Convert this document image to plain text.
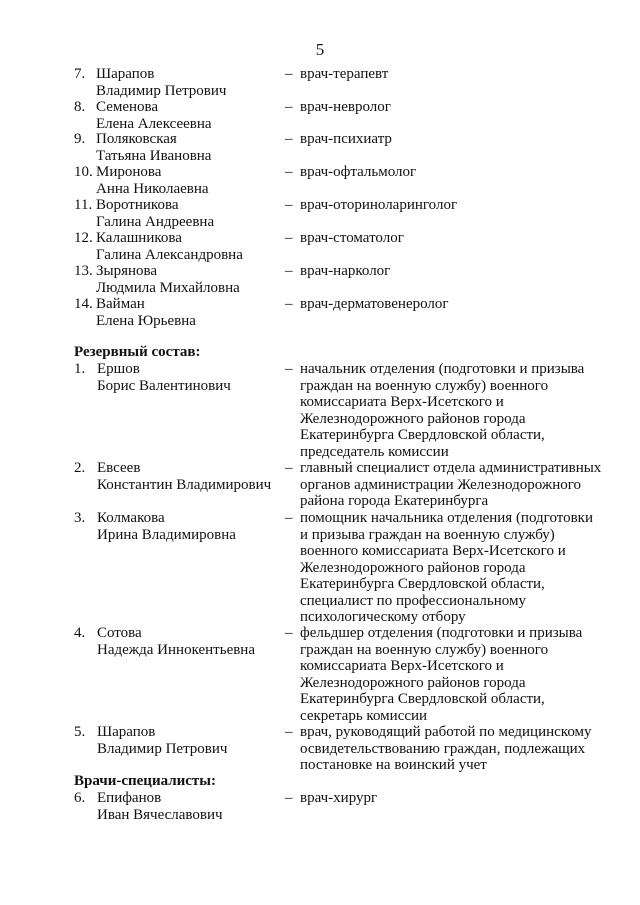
5
7. Шарапов
Владимир Петрович
– врач-терапевт
8. Семенова
Елена Алексеевна
– врач-невролог
9. Поляковская
Татьяна Ивановна
– врач-психиатр
10. Миронова
Анна Николаевна
– врач-офтальмолог
11. Воротникова
Галина Андреевна
– врач-оториноларинголог
12. Калашникова
Галина Александровна
– врач-стоматолог
13. Зырянова
Людмила Михайловна
– врач-нарколог
14. Вайман
Елена Юрьевна
– врач-дерматовенеролог
Резервный состав:
1. Ершов
Борис Валентинович
– начальник отделения (подготовки и призыва
граждан на военную службу) военного
комиссариата Верх-Исетского и
Железнодорожного районов города
Екатеринбурга Свердловской области,
председатель комиссии
2. Евсеев
Константин Владимирович
– главный специалист отдела административных
органов администрации Железнодорожного
района города Екатеринбурга
3. Колмакова
Ирина Владимировна
– помощник начальника отделения (подготовки
и призыва граждан на военную службу)
военного комиссариата Верх-Исетского и
Железнодорожного районов города
Екатеринбурга Свердловской области,
специалист по профессиональному
психологическому отбору
4. Сотова
Надежда Иннокентьевна
– фельдшер отделения (подготовки и призыва
граждан на военную службу) военного
комиссариата Верх-Исетского и
Железнодорожного районов города
Екатеринбурга Свердловской области,
секретарь комиссии
5. Шарапов
Владимир Петрович
– врач, руководящий работой по медицинскому
освидетельствованию граждан, подлежащих
постановке на воинский учет
Врачи-специалисты:
6. Епифанов
Иван Вячеславович
– врач-хирург
